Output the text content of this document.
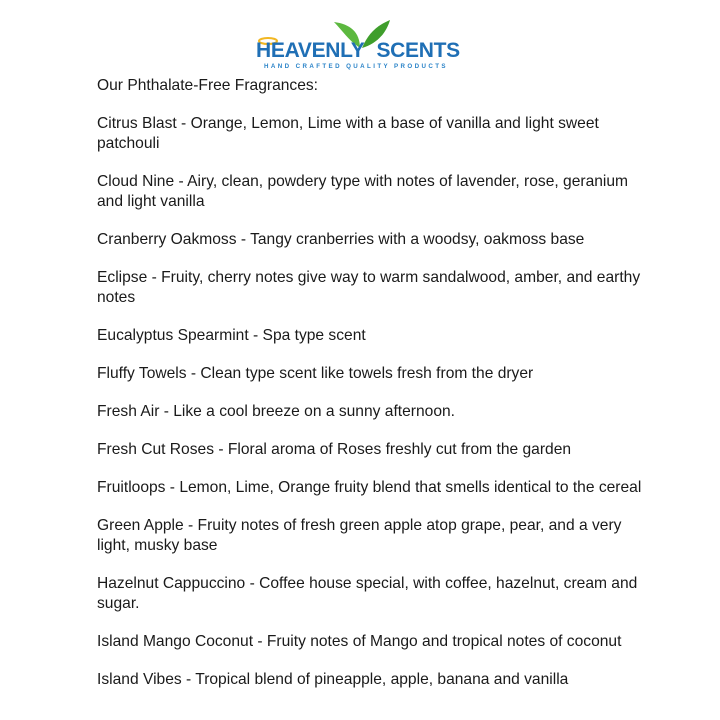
HEAVENLY SCENTS
HAND CRAFTED QUALITY PRODUCTS
Our Phthalate-Free Fragrances:
Citrus Blast - Orange, Lemon, Lime with a base of vanilla and light sweet patchouli
Cloud Nine - Airy, clean, powdery type with notes of lavender, rose, geranium and light vanilla
Cranberry Oakmoss - Tangy cranberries with a woodsy, oakmoss base
Eclipse - Fruity, cherry notes give way to warm sandalwood, amber, and earthy notes
Eucalyptus Spearmint - Spa type scent
Fluffy Towels - Clean type scent like towels fresh from the dryer
Fresh Air - Like a cool breeze on a sunny afternoon.
Fresh Cut Roses - Floral aroma of Roses freshly cut from the garden
Fruitloops - Lemon, Lime, Orange fruity blend that smells identical to the cereal
Green Apple - Fruity notes of fresh green apple atop grape, pear, and a very light, musky base
Hazelnut Cappuccino - Coffee house special, with coffee, hazelnut, cream and sugar.
Island Mango Coconut - Fruity notes of Mango and tropical notes of coconut
Island Vibes - Tropical blend of pineapple, apple, banana and vanilla
